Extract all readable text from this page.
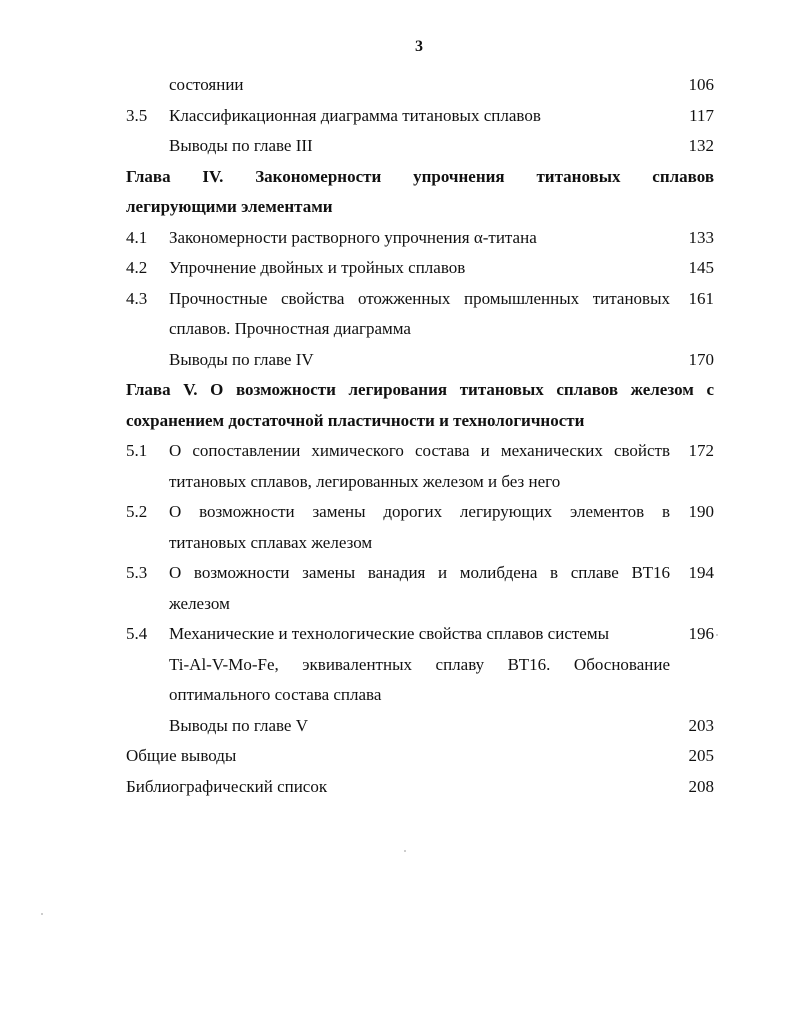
3
состоянии	106
3.5 Классификационная диаграмма титановых сплавов	117
Выводы по главе III	132
Глава IV. Закономерности упрочнения титановых сплавов
легирующими элементами
4.1 Закономерности растворного упрочнения α-титана	133
4.2 Упрочнение двойных и тройных сплавов	145
4.3 Прочностные свойства отожженных промышленных титановых 161
сплавов. Прочностная диаграмма
Выводы по главе IV	170
Глава V. О возможности легирования титановых сплавов железом с
сохранением достаточной пластичности и технологичности
5.1 О сопоставлении химического состава и механических свойств 172
титановых сплавов, легированных железом и без него
5.2 О возможности замены дорогих легирующих элементов в 190
титановых сплавах железом
5.3 О возможности замены ванадия и молибдена в сплаве ВТ16 194
железом
5.4 Механические и технологические свойства сплавов системы	196
Ti-Al-V-Mo-Fe, эквивалентных сплаву ВТ16. Обоснование
оптимального состава сплава
Выводы по главе V	203
Общие выводы	205
Библиографический список	208
